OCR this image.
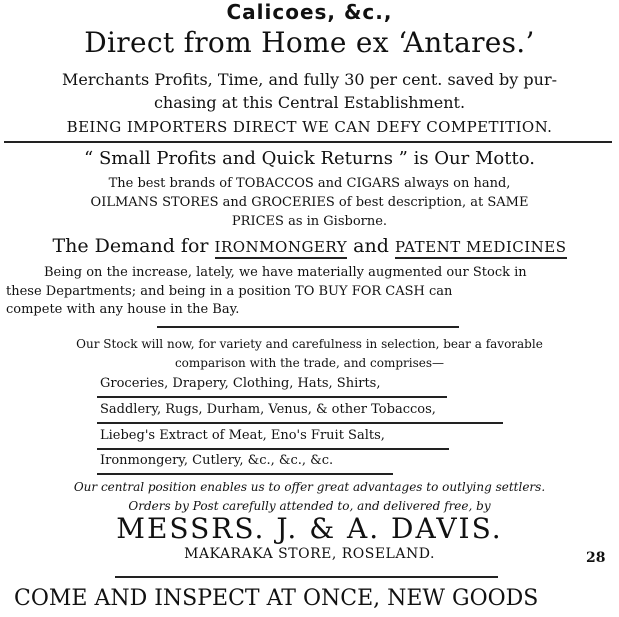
Calicoes, &c.,
Direct from Home ex ‘Antares.’
Merchants Profits, Time, and fully 30 per cent. saved by pur-
chasing at this Central Establishment.
BEING IMPORTERS DIRECT WE CAN DEFY COMPETITION.
“ Small Profits and Quick Returns ” is Our Motto.
The best brands of TOBACCOS and CIGARS always on hand,
OILMANS STORES and GROCERIES of best description, at SAME
PRICES as in Gisborne.
The Demand for IRONMONGERY and PATENT MEDICINES
Being on the increase, lately, we have materially augmented our Stock in
these Departments; and being in a position TO BUY FOR CASH can
compete with any house in the Bay.
Our Stock will now, for variety and carefulness in selection, bear a favorable
comparison with the trade, and comprises—
Groceries, Drapery, Clothing, Hats, Shirts,
Saddlery, Rugs, Durham, Venus, & other Tobaccos,
Liebeg's Extract of Meat, Eno's Fruit Salts,
Ironmongery, Cutlery, &c., &c., &c.
Our central position enables us to offer great advantages to outlying settlers.
Orders by Post carefully attended to, and delivered free, by
MESSRS. J. & A. DAVIS.
MAKARAKA STORE, ROSELAND.	28
COME AND INSPECT AT ONCE, NEW GOODS
